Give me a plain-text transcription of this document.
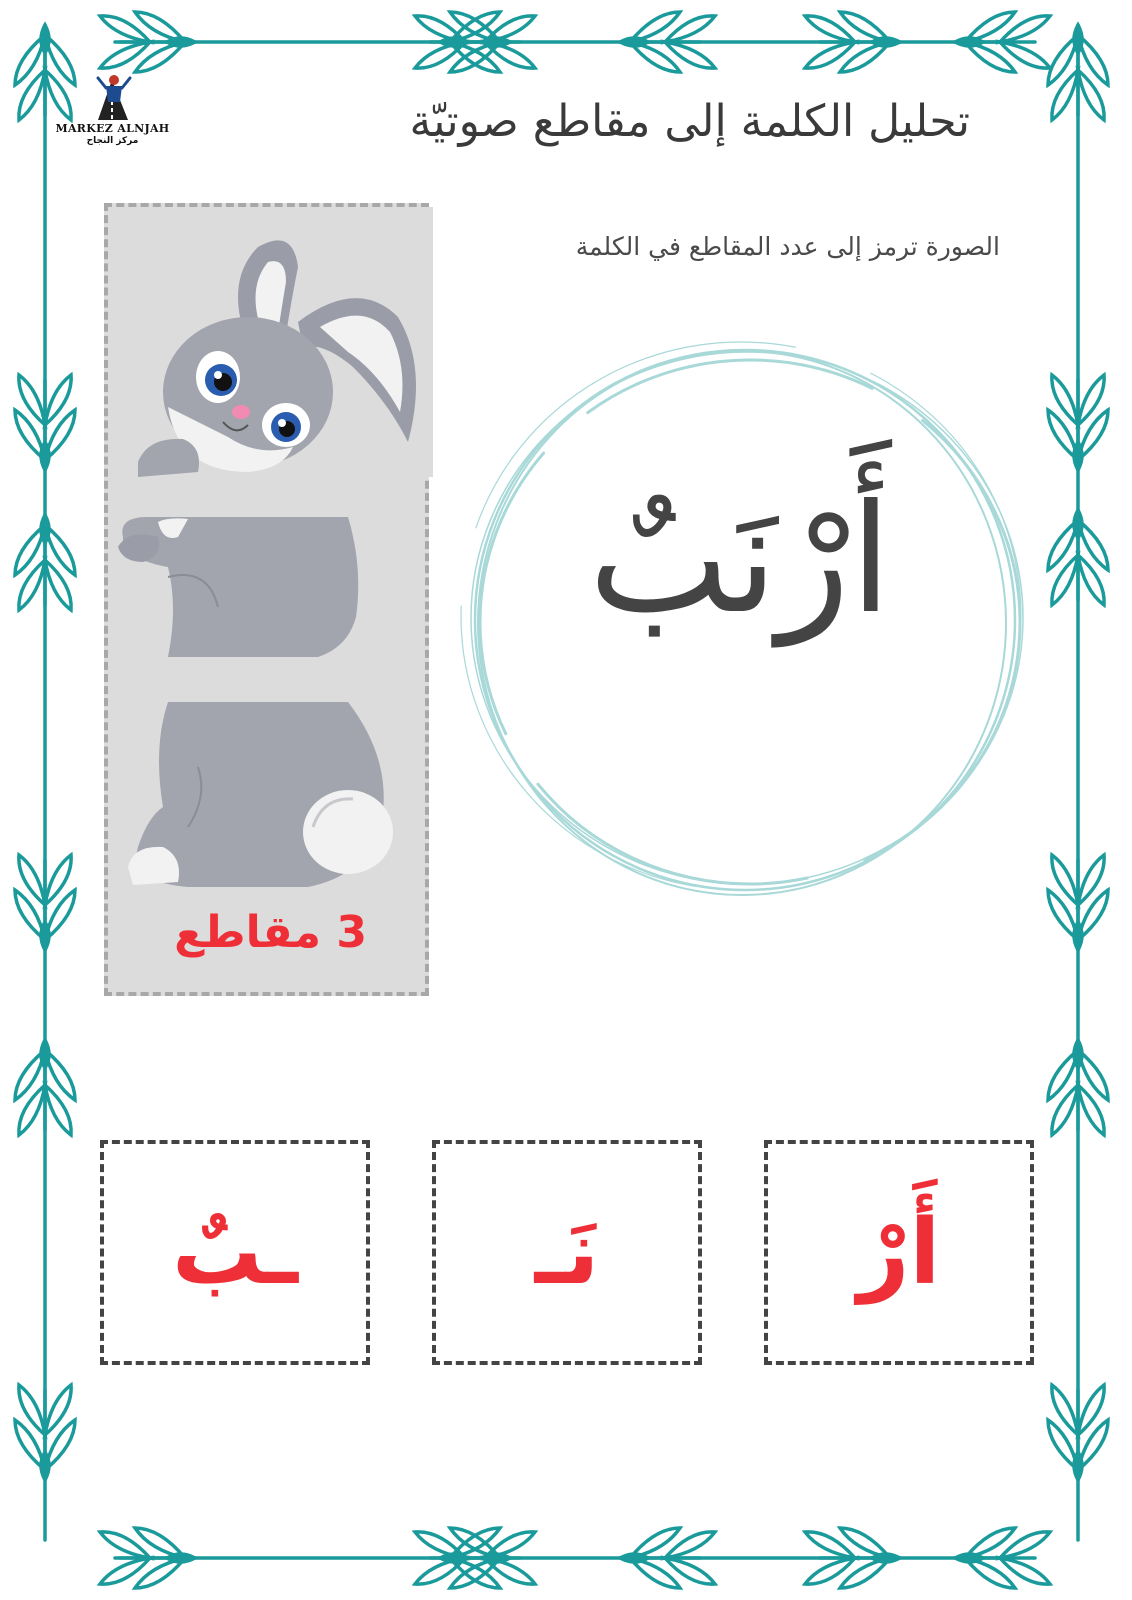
MARKEZ ALNJAH
مركز النجاح	تحليل الكلمة إلى مقاطع صوتيّة
الصورة ترمز إلى عدد المقاطع في الكلمة
3 مقاطع
أَرْنَبٌ
أَرْ
نَـ
ـبٌ
